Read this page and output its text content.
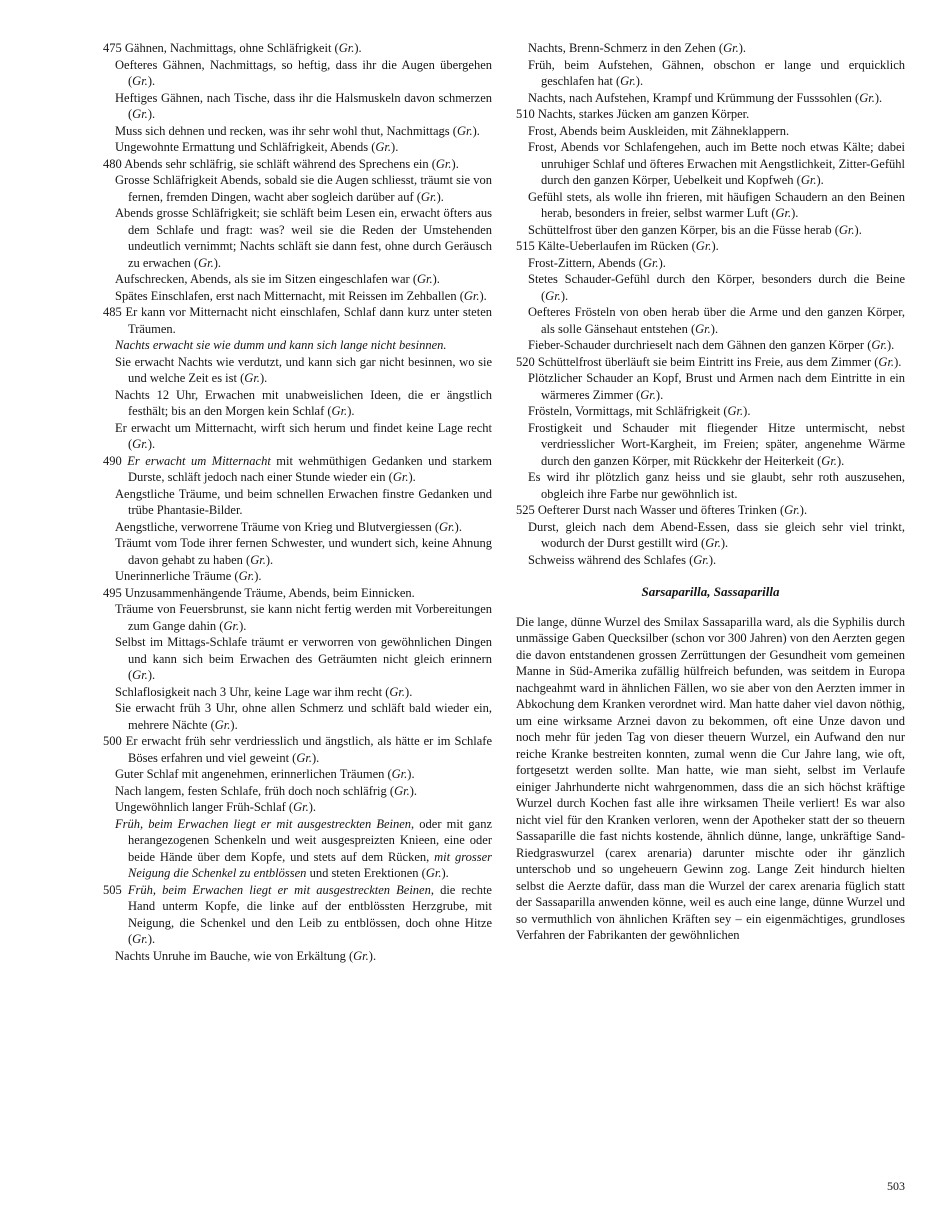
475 Gähnen, Nachmittags, ohne Schläfrigkeit (Gr.).

Oefteres Gähnen, Nachmittags, so heftig, dass ihr die Augen übergehen (Gr.).

Heftiges Gähnen, nach Tische, dass ihr die Halsmuskeln davon schmerzen (Gr.).

Muss sich dehnen und recken, was ihr sehr wohl thut, Nachmittags (Gr.).

Ungewohnte Ermattung und Schläfrigkeit, Abends (Gr.).

480 Abends sehr schläfrig, sie schläft während des Sprechens ein (Gr.).

Grosse Schläfrigkeit Abends, sobald sie die Augen schliesst, träumt sie von fernen, fremden Dingen, wacht aber sogleich darüber auf (Gr.).

Abends grosse Schläfrigkeit; sie schläft beim Lesen ein, erwacht öfters aus dem Schlafe und fragt: was? weil sie die Reden der Umstehenden undeutlich vernimmt; Nachts schläft sie dann fest, ohne durch Geräusch zu erwachen (Gr.).

Aufschrecken, Abends, als sie im Sitzen eingeschlafen war (Gr.).

Spätes Einschlafen, erst nach Mitternacht, mit Reissen im Zehballen (Gr.).

485 Er kann vor Mitternacht nicht einschlafen, Schlaf dann kurz unter steten Träumen.

Nachts erwacht sie wie dumm und kann sich lange nicht besinnen.

Sie erwacht Nachts wie verdutzt, und kann sich gar nicht besinnen, wo sie und welche Zeit es ist (Gr.).

Nachts 12 Uhr, Erwachen mit unabweislichen Ideen, die er ängstlich festhält; bis an den Morgen kein Schlaf (Gr.).

Er erwacht um Mitternacht, wirft sich herum und findet keine Lage recht (Gr.).

490 Er erwacht um Mitternacht mit wehmüthigen Gedanken und starkem Durste, schläft jedoch nach einer Stunde wieder ein (Gr.).

Aengstliche Träume, und beim schnellen Erwachen finstre Gedanken und trübe Phantasie-Bilder.

Aengstliche, verworrene Träume von Krieg und Blutvergiessen (Gr.).

Träumt vom Tode ihrer fernen Schwester, und wundert sich, keine Ahnung davon gehabt zu haben (Gr.).

Unerinnerliche Träume (Gr.).

495 Unzusammenhängende Träume, Abends, beim Einnicken.

Träume von Feuersbrunst, sie kann nicht fertig werden mit Vorbereitungen zum Gange dahin (Gr.).

Selbst im Mittags-Schlafe träumt er verworren von gewöhnlichen Dingen und kann sich beim Erwachen des Geträumten nicht gleich erinnern (Gr.).

Schlaflosigkeit nach 3 Uhr, keine Lage war ihm recht (Gr.).

Sie erwacht früh 3 Uhr, ohne allen Schmerz und schläft bald wieder ein, mehrere Nächte (Gr.).

500 Er erwacht früh sehr verdriesslich und ängstlich, als hätte er im Schlafe Böses erfahren und viel geweint (Gr.).

Guter Schlaf mit angenehmen, erinnerlichen Träumen (Gr.).

Nach langem, festen Schlafe, früh doch noch schläfrig (Gr.).

Ungewöhnlich langer Früh-Schlaf (Gr.).

Früh, beim Erwachen liegt er mit ausgestreckten Beinen, oder mit ganz herangezogenen Schenkeln und weit ausgespreizten Knieen, eine oder beide Hände über dem Kopfe, und stets auf dem Rücken, mit grosser Neigung die Schenkel zu entblössen und steten Erektionen (Gr.).

505 Früh, beim Erwachen liegt er mit ausgestreckten Beinen, die rechte Hand unterm Kopfe, die linke auf der entblössten Herzgrube, mit Neigung, die Schenkel und den Leib zu entblössen, doch ohne Hitze (Gr.).

Nachts Unruhe im Bauche, wie von Erkältung (Gr.).

Nachts, Brenn-Schmerz in den Zehen (Gr.).

Früh, beim Aufstehen, Gähnen, obschon er lange und erquicklich geschlafen hat (Gr.).

Nachts, nach Aufstehen, Krampf und Krümmung der Fusssohlen (Gr.).

510 Nachts, starkes Jücken am ganzen Körper.

Frost, Abends beim Auskleiden, mit Zähneklappern.

Frost, Abends vor Schlafengehen, auch im Bette noch etwas Kälte; dabei unruhiger Schlaf und öfteres Erwachen mit Aengstlichkeit, Zitter-Gefühl durch den ganzen Körper, Uebelkeit und Kopfweh (Gr.).

Gefühl stets, als wolle ihn frieren, mit häufigen Schaudern an den Beinen herab, besonders in freier, selbst warmer Luft (Gr.).

Schüttelfrost über den ganzen Körper, bis an die Füsse herab (Gr.).

515 Kälte-Ueberlaufen im Rücken (Gr.).

Frost-Zittern, Abends (Gr.).

Stetes Schauder-Gefühl durch den Körper, besonders durch die Beine (Gr.).

Oefteres Frösteln von oben herab über die Arme und den ganzen Körper, als solle Gänsehaut entstehen (Gr.).

Fieber-Schauder durchrieselt nach dem Gähnen den ganzen Körper (Gr.).

520 Schüttelfrost überläuft sie beim Eintritt ins Freie, aus dem Zimmer (Gr.).

Plötzlicher Schauder an Kopf, Brust und Armen nach dem Eintritte in ein wärmeres Zimmer (Gr.).

Frösteln, Vormittags, mit Schläfrigkeit (Gr.).

Frostigkeit und Schauder mit fliegender Hitze untermischt, nebst verdriesslicher Wort-Kargheit, im Freien; später, angenehme Wärme durch den ganzen Körper, mit Rückkehr der Heiterkeit (Gr.).

Es wird ihr plötzlich ganz heiss und sie glaubt, sehr roth auszusehen, obgleich ihre Farbe nur gewöhnlich ist.

525 Oefterer Durst nach Wasser und öfteres Trinken (Gr.).

Durst, gleich nach dem Abend-Essen, dass sie gleich sehr viel trinkt, wodurch der Durst gestillt wird (Gr.).

Schweiss während des Schlafes (Gr.).

Sarsaparilla, Sassaparilla

Die lange, dünne Wurzel des Smilax Sassaparilla ward, als die Syphilis durch unmässige Gaben Quecksilber (schon vor 300 Jahren) von den Aerzten gegen die davon entstandenen grossen Zerrüttungen der Gesundheit vom gemeinen Manne in Süd-Amerika zufällig hülfreich befunden, was seitdem in Europa nachgeahmt ward in ähnlichen Fällen, wo sie aber von den Aerzten immer in Abkochung dem Kranken verordnet wird. Man hatte daher viel davon nöthig, um eine wirksame Arznei davon zu bekommen, oft eine Unze davon und noch mehr für jeden Tag von dieser theuern Wurzel, ein Aufwand den nur reiche Kranke bestreiten konnten, zumal wenn die Cur Jahre lang, wie oft, fortgesetzt werden sollte. Man hatte, wie man sieht, selbst im Verlaufe einiger Jahrhunderte nicht wahrgenommen, dass die an sich höchst kräftige Wurzel durch Kochen fast alle ihre wirksamen Theile verliert! Es war also nicht viel für den Kranken verloren, wenn der Apotheker statt der so theuern Sassaparille die fast nichts kostende, ähnlich dünne, lange, unkräftige Sand-Riedgraswurzel (carex arenaria) darunter mischte oder ihr gänzlich unterschob und so ungeheuern Gewinn zog. Lange Zeit hindurch hielten selbst die Aerzte dafür, dass man die Wurzel der carex arenaria füglich statt der Sassaparilla anwenden könne, weil es auch eine lange, dünne Wurzel und so vermuthlich von ähnlichen Kräften sey – ein eigenmächtiges, grundloses Verfahren der Fabrikanten der gewöhnlichen

503
